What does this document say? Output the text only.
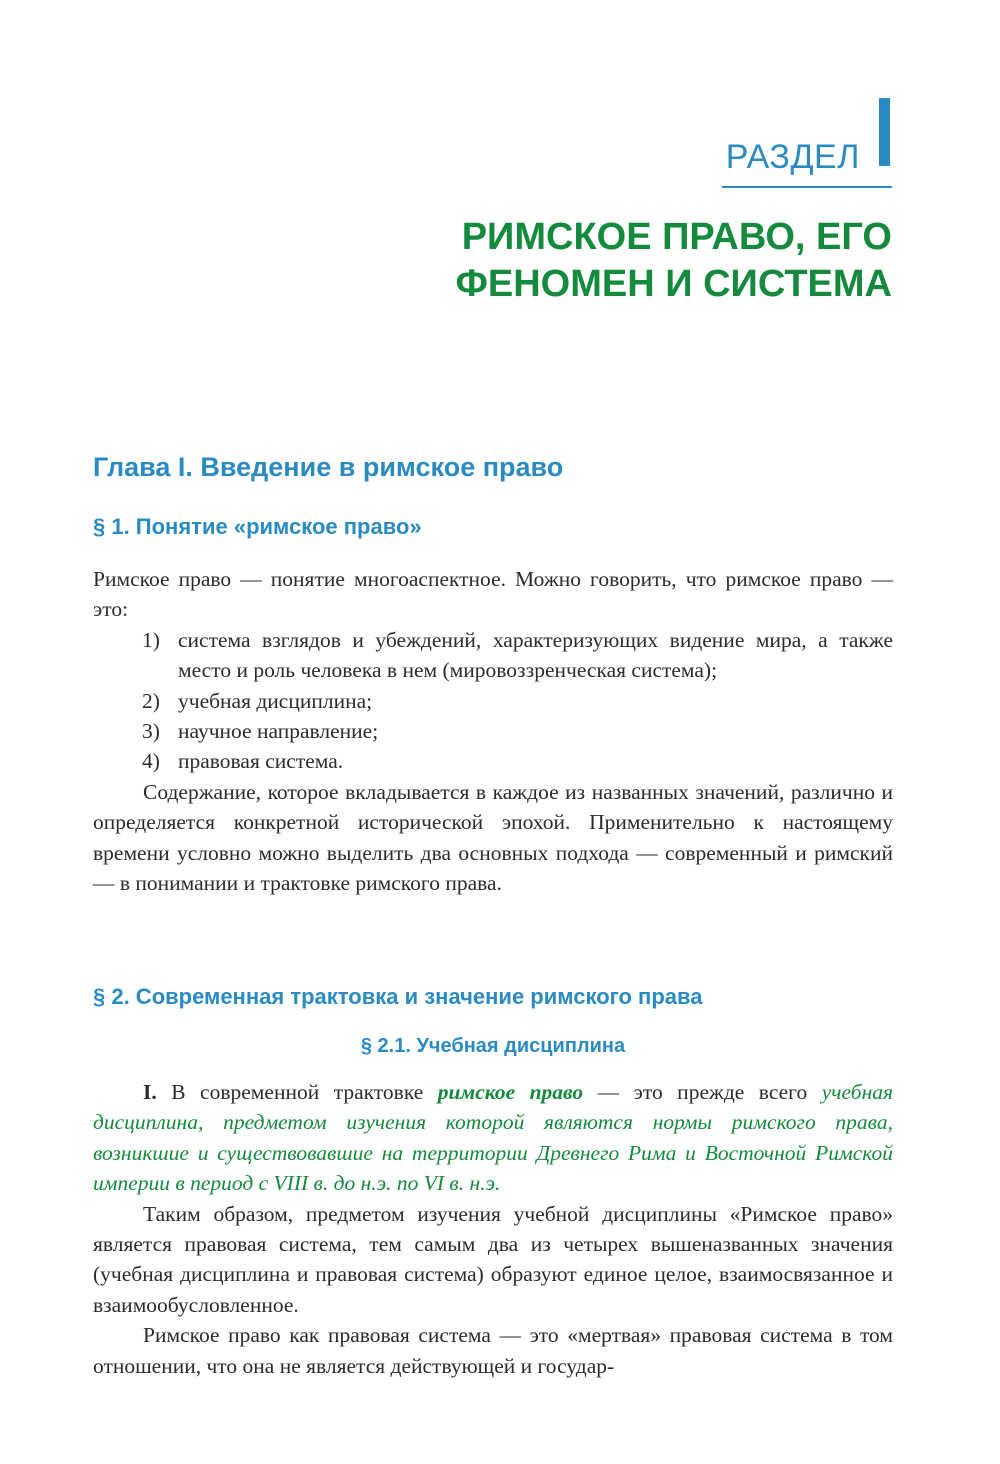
РАЗДЕЛ
РИМСКОЕ ПРАВО, ЕГО
ФЕНОМЕН И СИСТЕМА
Глава I. Введение в римское право
§ 1. Понятие «римское право»

Римское право — понятие многоаспектное. Можно говорить, что римское право — это:

1) система взглядов и убеждений, характеризующих видение мира, а также место и роль человека в нем (мировоззренческая система);
2) учебная дисциплина;
3) научное направление;
4) правовая система.

Содержание, которое вкладывается в каждое из названных значений, различно и определяется конкретной исторической эпохой. Применительно к настоящему времени условно можно выделить два основных подхода — современный и римский — в понимании и трактовке римского права.

§ 2. Современная трактовка и значение римского права
§ 2.1. Учебная дисциплина

I. В современной трактовке римское право — это прежде всего учебная дисциплина, предметом изучения которой являются нормы римского права, возникшие и существовавшие на территории Древнего Рима и Восточной Римской империи в период с VIII в. до н.э. по VI в. н.э.

Таким образом, предметом изучения учебной дисциплины «Римское право» является правовая система, тем самым два из четырех вышеназванных значения (учебная дисциплина и правовая система) образуют единое целое, взаимосвязанное и взаимообусловленное.

Римское право как правовая система — это «мертвая» правовая система в том отношении, что она не является действующей и государ-
